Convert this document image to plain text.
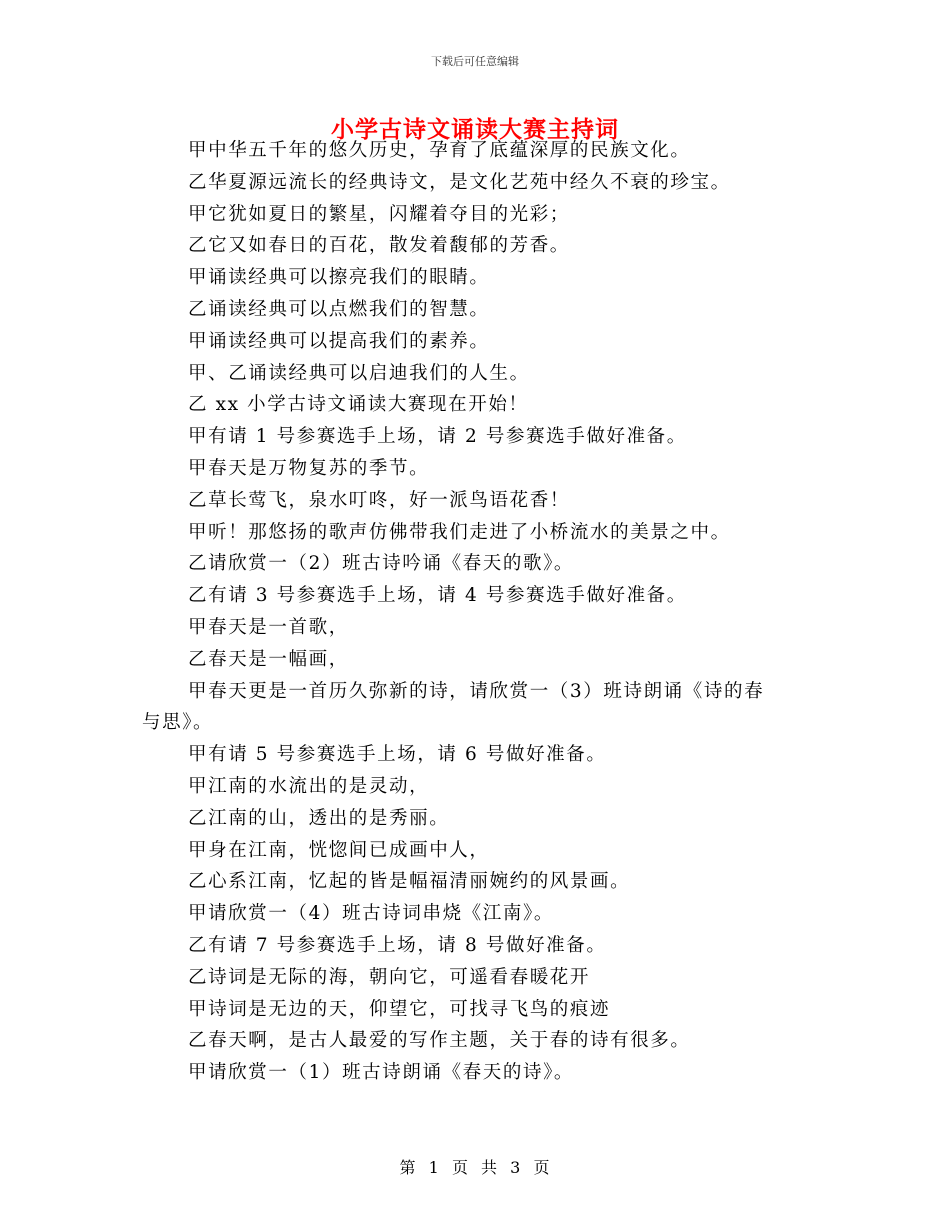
下载后可任意编辑
小学古诗文诵读大赛主持词
甲中华五千年的悠久历史，孕育了底蕴深厚的民族文化。
乙华夏源远流长的经典诗文，是文化艺苑中经久不衰的珍宝。
甲它犹如夏日的繁星，闪耀着夺目的光彩；
乙它又如春日的百花，散发着馥郁的芳香。
甲诵读经典可以擦亮我们的眼睛。
乙诵读经典可以点燃我们的智慧。
甲诵读经典可以提高我们的素养。
甲、乙诵读经典可以启迪我们的人生。
乙 xx 小学古诗文诵读大赛现在开始！
甲有请 1 号参赛选手上场，请 2 号参赛选手做好准备。
甲春天是万物复苏的季节。
乙草长莺飞，泉水叮咚，好一派鸟语花香！
甲听！那悠扬的歌声仿佛带我们走进了小桥流水的美景之中。
乙请欣赏一（2）班古诗吟诵《春天的歌》。
乙有请 3 号参赛选手上场，请 4 号参赛选手做好准备。
甲春天是一首歌，
乙春天是一幅画，
甲春天更是一首历久弥新的诗，请欣赏一（3）班诗朗诵《诗的春
与思》。
甲有请 5 号参赛选手上场，请 6 号做好准备。
甲江南的水流出的是灵动，
乙江南的山，透出的是秀丽。
甲身在江南，恍惚间已成画中人，
乙心系江南，忆起的皆是幅福清丽婉约的风景画。
甲请欣赏一（4）班古诗词串烧《江南》。
乙有请 7 号参赛选手上场，请 8 号做好准备。
乙诗词是无际的海，朝向它，可遥看春暖花开
甲诗词是无边的天，仰望它，可找寻飞鸟的痕迹
乙春天啊，是古人最爱的写作主题，关于春的诗有很多。
甲请欣赏一（1）班古诗朗诵《春天的诗》。
第 1 页 共 3 页
